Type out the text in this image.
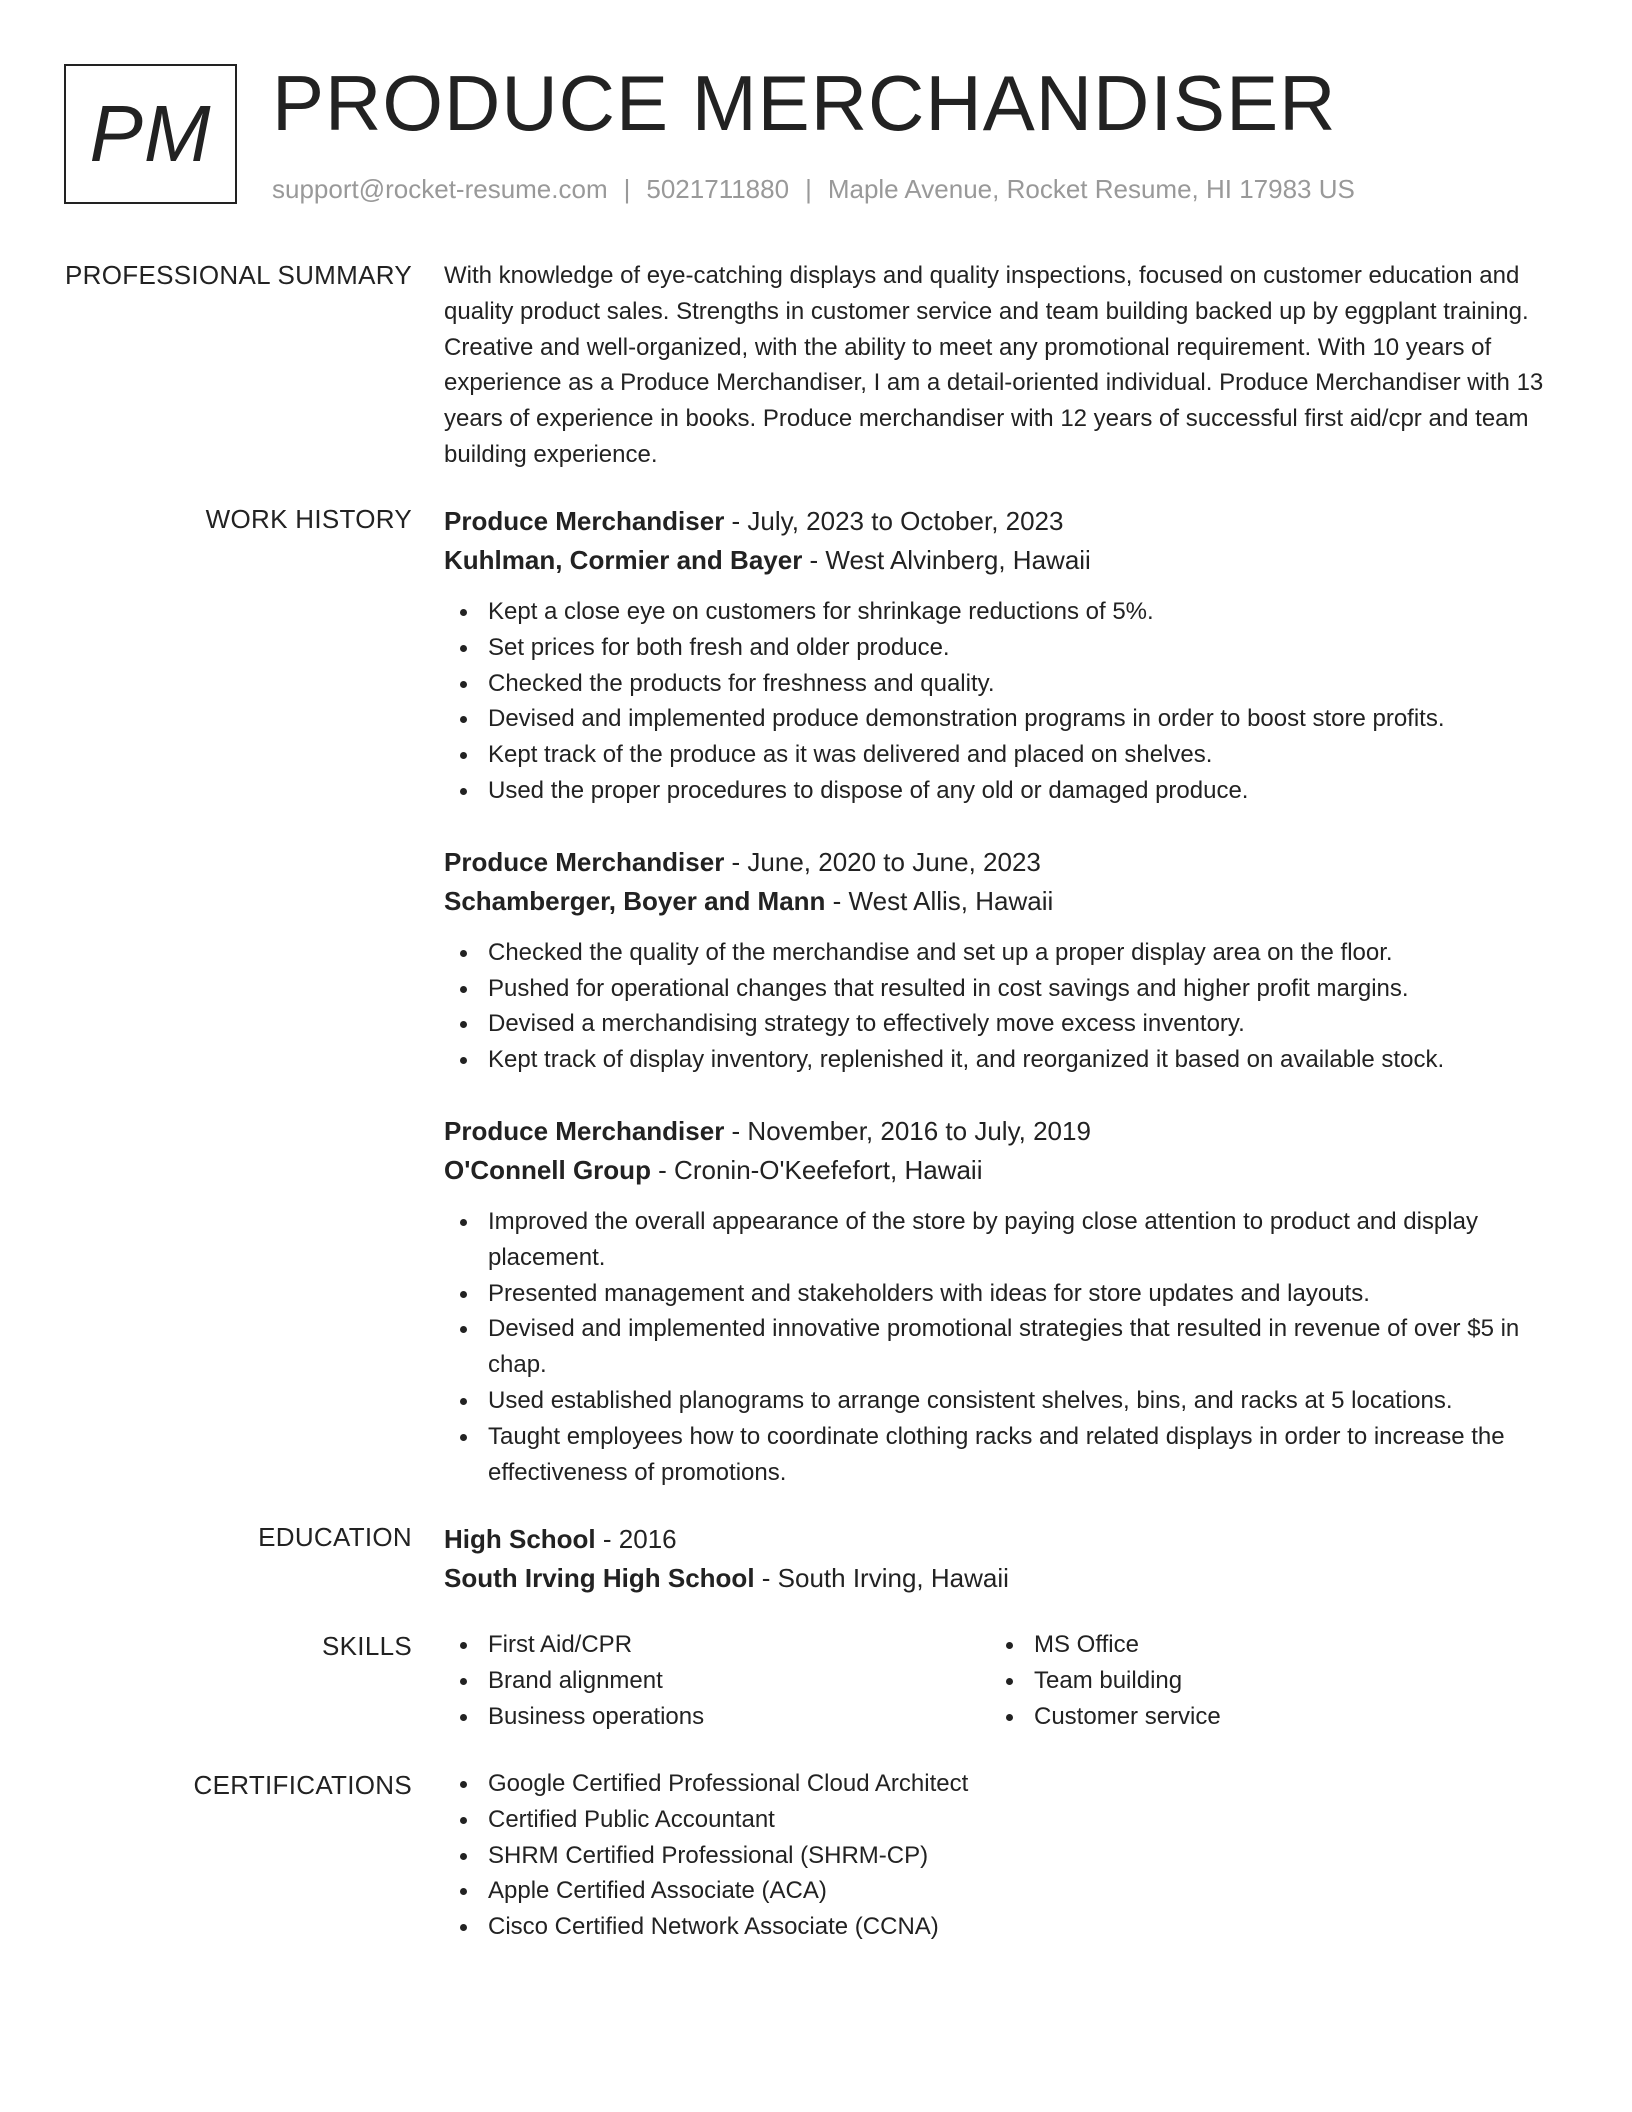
PM PRODUCE MERCHANDISER
support@rocket-resume.com | 5021711880 | Maple Avenue, Rocket Resume, HI 17983 US
PROFESSIONAL SUMMARY With knowledge of eye-catching displays and quality inspections, focused on customer education and quality product sales. Strengths in customer service and team building backed up by eggplant training. Creative and well-organized, with the ability to meet any promotional requirement. With 10 years of experience as a Produce Merchandiser, I am a detail-oriented individual. Produce Merchandiser with 13 years of experience in books. Produce merchandiser with 12 years of successful first aid/cpr and team building experience.

WORK HISTORY Produce Merchandiser - July, 2023 to October, 2023
Kuhlman, Cormier and Bayer - West Alvinberg, Hawaii
Kept a close eye on customers for shrinkage reductions of 5%.
Set prices for both fresh and older produce.
Checked the products for freshness and quality.
Devised and implemented produce demonstration programs in order to boost store profits.
Kept track of the produce as it was delivered and placed on shelves.
Used the proper procedures to dispose of any old or damaged produce.
Produce Merchandiser - June, 2020 to June, 2023
Schamberger, Boyer and Mann - West Allis, Hawaii
Checked the quality of the merchandise and set up a proper display area on the floor.
Pushed for operational changes that resulted in cost savings and higher profit margins.
Devised a merchandising strategy to effectively move excess inventory.
Kept track of display inventory, replenished it, and reorganized it based on available stock.
Produce Merchandiser - November, 2016 to July, 2019
O'Connell Group - Cronin-O'Keefefort, Hawaii
Improved the overall appearance of the store by paying close attention to product and display placement.
Presented management and stakeholders with ideas for store updates and layouts.
Devised and implemented innovative promotional strategies that resulted in revenue of over $5 in chap.
Used established planograms to arrange consistent shelves, bins, and racks at 5 locations.
Taught employees how to coordinate clothing racks and related displays in order to increase the effectiveness of promotions.
EDUCATION High School - 2016
South Irving High School - South Irving, Hawaii
SKILLS	First Aid/CPR
Brand alignment
Business operations
MS Office
Team building
Customer service
CERTIFICATIONS	Google Certified Professional Cloud Architect
Certified Public Accountant
SHRM Certified Professional (SHRM-CP)
Apple Certified Associate (ACA)
Cisco Certified Network Associate (CCNA)
